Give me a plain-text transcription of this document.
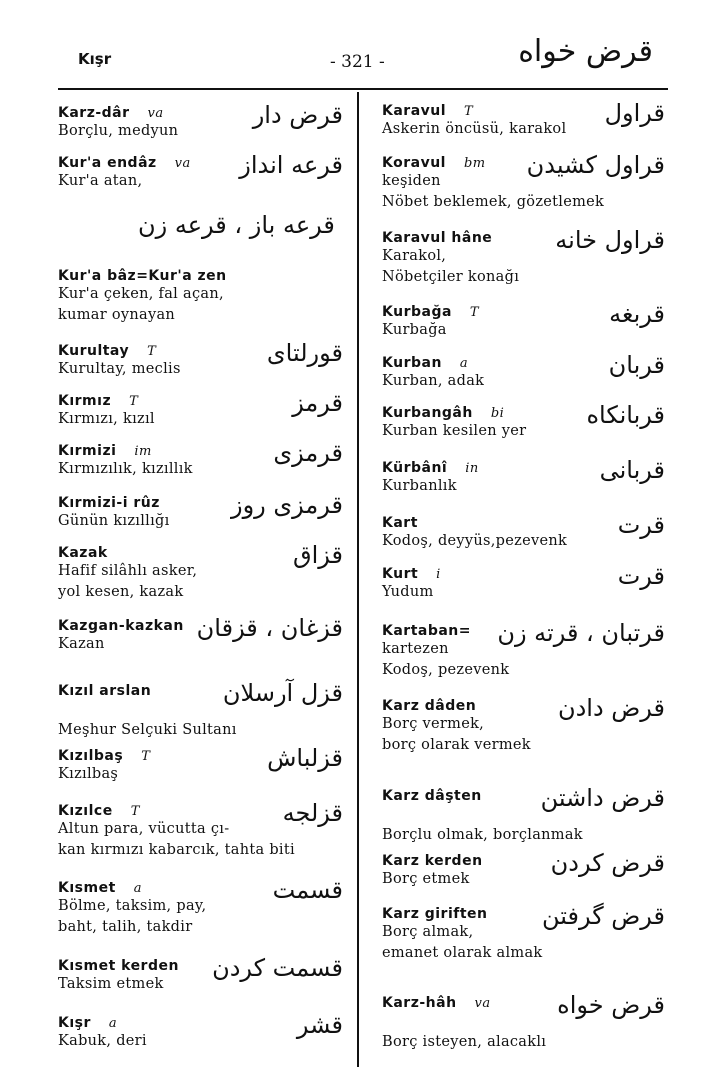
Kışr	- 321 -	قرض خواه
Karz-dâr va
Borçlu, medyun
قرض دار
Kur'a endâz va
Kur'a atan,
قرعه انداز
قرعه باز ، قرعه زن
Kur'a bâz=Kur'a zen
Kur'a çeken, fal açan,
kumar oynayan
Kurultay T
Kurultay, meclis
قورلتای
Kırmız T
Kırmızı, kızıl
قرمز
Kırmizi im
Kırmızılık, kızıllık
قرمزی
Kırmizi-i rûz
Günün kızıllığı
قرمزی روز
Kazak
Hafif silâhlı asker,
yol kesen, kazak
قزاق
Kazgan-kazkan
Kazan
قزغان ، قزقان
Kızıl arslan

Meşhur Selçuki Sultanı
قزل آرسلان
Kızılbaş T
Kızılbaş
قزلباش
Kızılce T
Altun para, vücutta çı-
kan kırmızı kabarcık, tahta biti
قزلجه
Kısmet a
Bölme, taksim, pay,
baht, talih, takdir
قسمت
Kısmet kerden
Taksim etmek
قسمت كردن
Kışr a
Kabuk, deri
قشر
Karavul T
Askerin öncüsü, karakol
قراول
Koravul bm
keşiden
Nöbet beklemek, gözetlemek
قراول كشيدن
Karavul hâne
Karakol,
Nöbetçiler konağı
قراول خانه
Kurbağa T
Kurbağa
قربغه
Kurban a
Kurban, adak
قربان
Kurbangâh bi
Kurban kesilen yer
قربانكاه
Kürbânî in
Kurbanlık
قربانی
Kart
Kodoş, deyyüs,pezevenk
قرت
Kurt i
Yudum
قرت
Kartaban=
kartezen
Kodoş, pezevenk
قرتبان ، قرته زن
Karz dâden
Borç vermek,
borç olarak vermek
قرض دادن
Karz dâşten

Borçlu olmak, borçlanmak
قرض داشتن
Karz kerden
Borç etmek
قرض كردن
Karz giriften
Borç almak,
emanet olarak almak
قرض گرفتن
Karz-hâh va

Borç isteyen, alacaklı
قرض خواه
